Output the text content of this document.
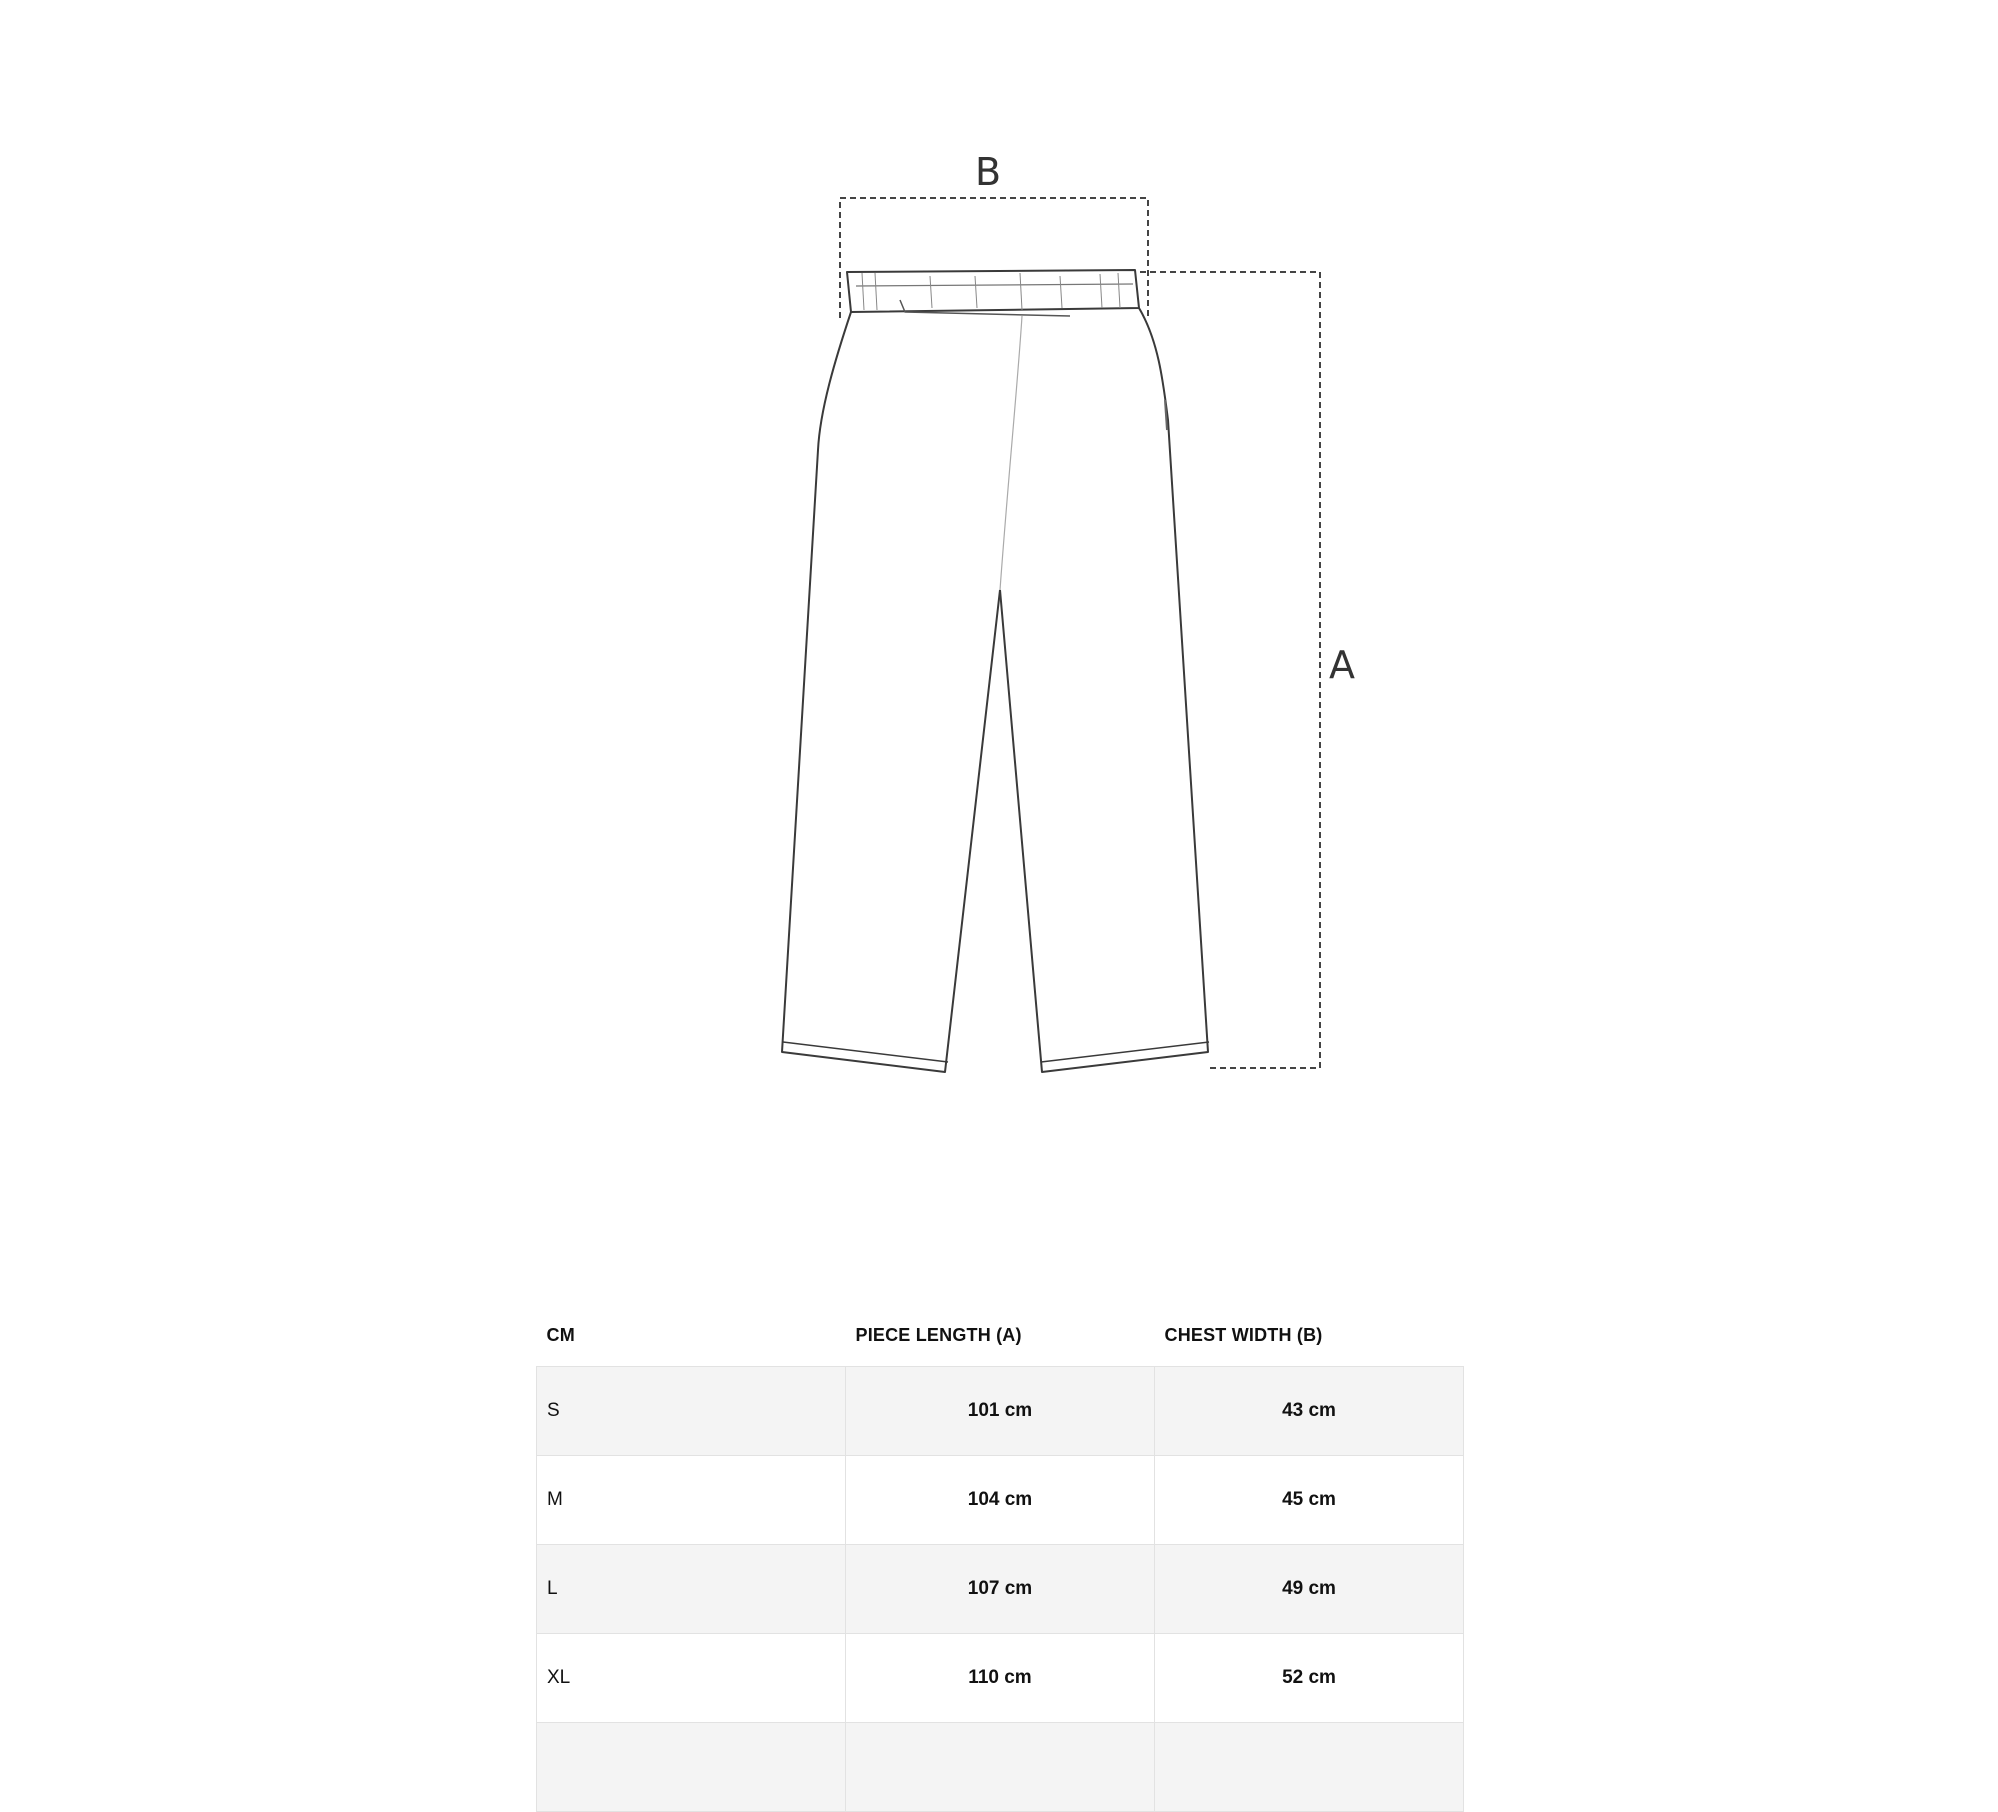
B
A
CM	PIECE LENGTH (A)	CHEST WIDTH (B)
S	101 cm	43 cm
M	104 cm	45 cm
L	107 cm	49 cm
XL	110 cm	52 cm
